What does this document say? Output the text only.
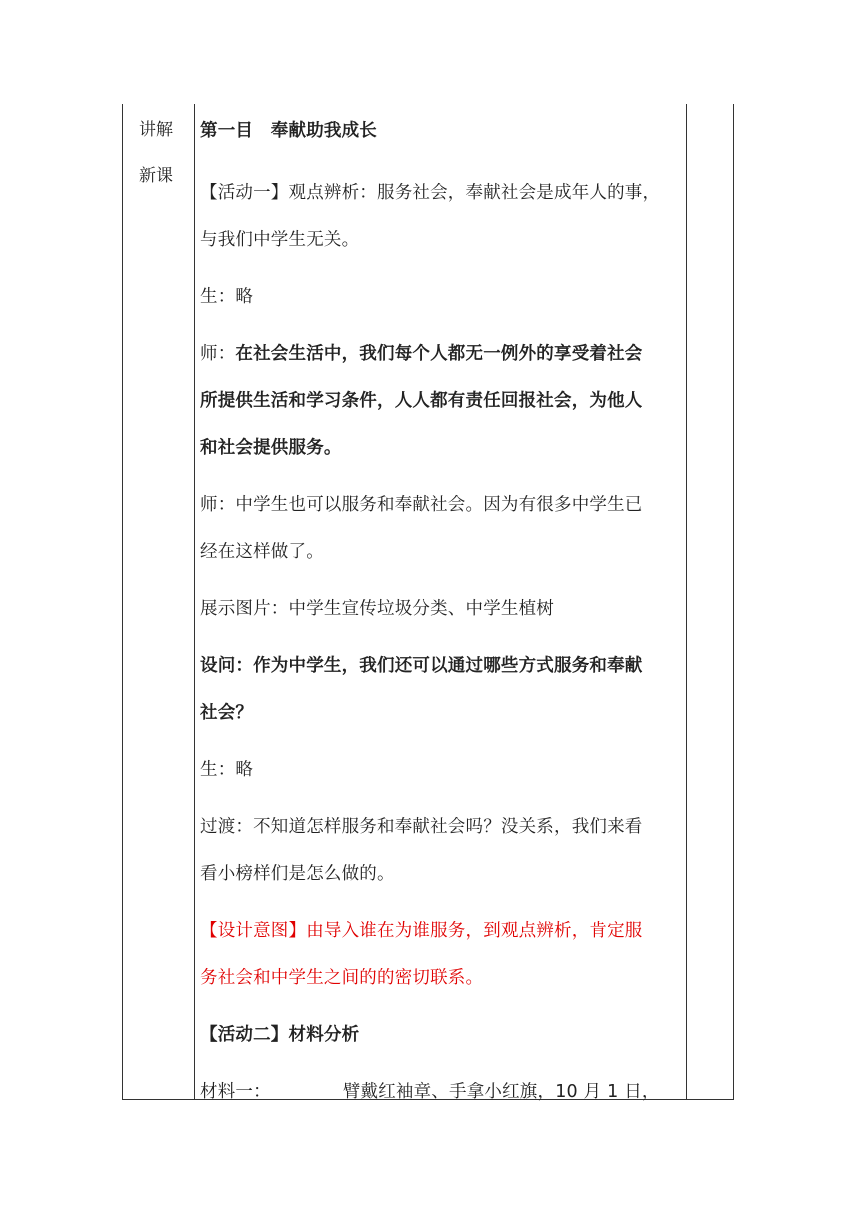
讲解
新课
第一目　奉献助我成长
【活动一】观点辨析：服务社会，奉献社会是成年人的事，
与我们中学生无关。
生：略
师：在社会生活中，我们每个人都无一例外的享受着社会
所提供生活和学习条件，人人都有责任回报社会，为他人
和社会提供服务。
师：中学生也可以服务和奉献社会。因为有很多中学生已
经在这样做了。
展示图片：中学生宣传垃圾分类、中学生植树
设问：作为中学生，我们还可以通过哪些方式服务和奉献
社会？
生：略
过渡：不知道怎样服务和奉献社会吗？没关系，我们来看
看小榜样们是怎么做的。
【设计意图】由导入谁在为谁服务，到观点辨析，肯定服
务社会和中学生之间的的密切联系。
【活动二】材料分析
材料一：	臂戴红袖章、手拿小红旗，10 月 1 日，
